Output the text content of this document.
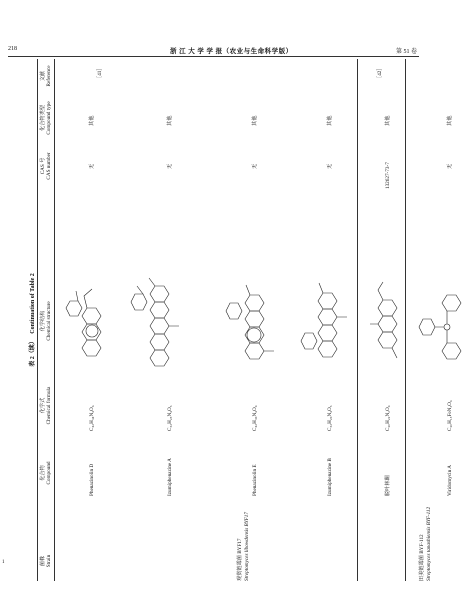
218	浙 江 大 学 学 报（农业与生命科学版）	第 51 卷
表 2（续）   Continuation of Table 2
菌株 Strain
化合物 Compound
化学式 Chemical formula
化学结构 Chemical structure
CAS 号 CAS number
化合物类型 Compound type
文献 Reference
观赏链霉菌 BYF17 Streptomyces libowdensis BYF17
［41］
Phenazinolin D
C₄₂H₃₄N₄O₆
无
其他
Izumiphenazine A
C₃₂H₂₅N₄O₅
无
其他
Phenazinolin E
C₄₂H₃₆N₄O₄
无
其他
Izumiphenazine B
C₃₂H₂₆N₄O₅
无
其他
田美链霉菌 BYF-112 Streptomyces tanashiensis BYF-112
［42］
脱叶林酮
C₂₀H₂₂N₂O₄
132627-73-7
其他
Viridomycin A
C₂₀H₁₅FeN₃O₆
无
其他
1
